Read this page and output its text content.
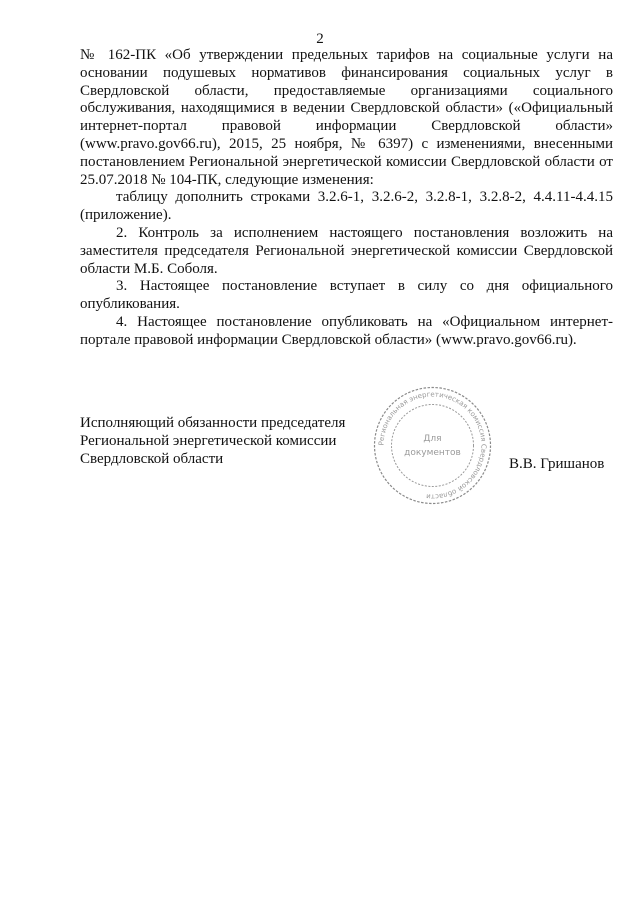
2

№ 162-ПК «Об утверждении предельных тарифов на социальные услуги на основании подушевых нормативов финансирования социальных услуг в Свердловской области, предоставляемые организациями социального обслуживания, находящимися в ведении Свердловской области» («Официальный интернет-портал правовой информации Свердловской области» (www.pravo.gov66.ru), 2015, 25 ноября, № 6397) с изменениями, внесенными постановлением Региональной энергетической комиссии Свердловской области от 25.07.2018 № 104-ПК, следующие изменения:

таблицу дополнить строками 3.2.6-1, 3.2.6-2, 3.2.8-1, 3.2.8-2, 4.4.11-4.4.15 (приложение).

2. Контроль за исполнением настоящего постановления возложить на заместителя председателя Региональной энергетической комиссии Свердловской области М.Б. Соболя.

3. Настоящее постановление вступает в силу со дня официального опубликования.

4. Настоящее постановление опубликовать на «Официальном интернет-портале правовой информации Свердловской области» (www.pravo.gov66.ru).

Исполняющий обязанности председателя
Региональной энергетической комиссии
Свердловской области
Региональная энергетическая комиссия Свердловской области
Для
документов
В.В. Гришанов
